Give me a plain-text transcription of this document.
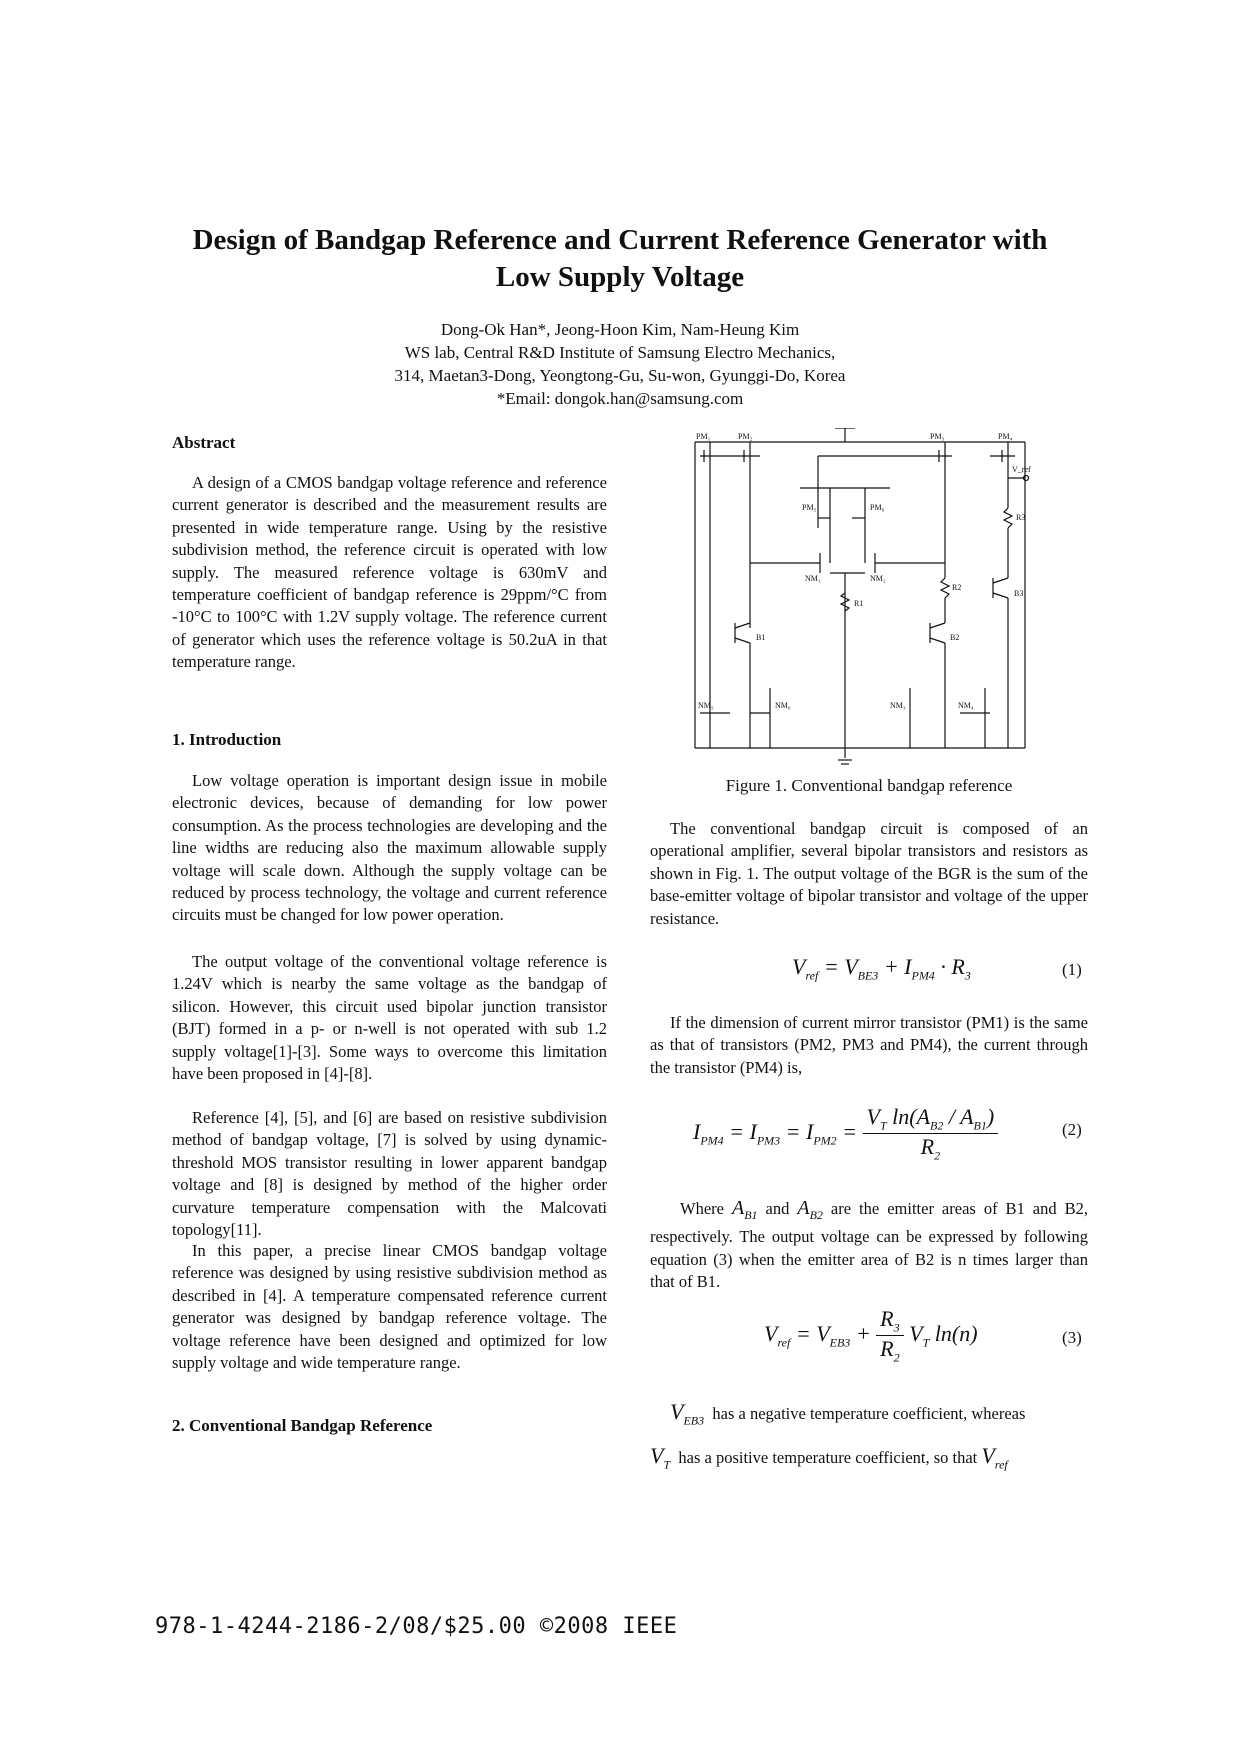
Design of Bandgap Reference and Current Reference Generator with
Low Supply Voltage
Dong-Ok Han*, Jeong-Hoon Kim, Nam-Heung Kim
WS lab, Central R&D Institute of Samsung Electro Mechanics,
314, Maetan3-Dong, Yeongtong-Gu, Su-won, Gyunggi-Do, Korea
*Email: dongok.han@samsung.com
Abstract

A design of a CMOS bandgap voltage reference and reference current generator is described and the measurement results are presented in wide temperature range. Using by the resistive subdivision method, the reference circuit is operated with low supply. The measured reference voltage is 630mV and temperature coefficient of bandgap reference is 29ppm/°C from -10°C to 100°C with 1.2V supply voltage. The reference current of generator which uses the reference voltage is 50.2uA in that temperature range.

1. Introduction

Low voltage operation is important design issue in mobile electronic devices, because of demanding for low power consumption. As the process technologies are developing and the line widths are reducing also the maximum allowable supply voltage will scale down. Although the supply voltage can be reduced by process technology, the voltage and current reference circuits must be changed for low power operation.

The output voltage of the conventional voltage reference is 1.24V which is nearby the same voltage as the bandgap of silicon. However, this circuit used bipolar junction transistor (BJT) formed in a p- or n-well is not operated with sub 1.2 supply voltage[1]-[3]. Some ways to overcome this limitation have been proposed in [4]-[8].

Reference [4], [5], and [6] are based on resistive subdivision method of bandgap voltage, [7] is solved by using dynamic-threshold MOS transistor resulting in lower apparent bandgap voltage and [8] is designed by method of the higher order curvature temperature compensation with the Malcovati topology[11].

In this paper, a precise linear CMOS bandgap voltage reference was designed by using resistive subdivision method as described in [4]. A temperature compensated reference current generator was designed by bandgap reference voltage. The voltage reference have been designed and optimized for low supply voltage and wide temperature range.

2. Conventional Bandgap Reference
PM₁	PM₂	PM₃	PM₄
PM₅	PM₆
NM₁	NM₂
NM₃	NM₄
NM₅	NM₆
R1
R2
R3
B1	B2
B3
V_ref
Figure 1. Conventional bandgap reference

The conventional bandgap circuit is composed of an operational amplifier, several bipolar transistors and resistors as shown in Fig. 1. The output voltage of the BGR is the sum of the base-emitter voltage of bipolar transistor and voltage of the upper resistance.

$V_{ref} = V_{BE3} + I_{PM4} \cdot R_3$	(1)

If the dimension of current mirror transistor (PM1) is the same as that of transistors (PM2, PM3 and PM4), the current through the transistor (PM4) is,

$I_{PM4} = I_{PM3} = I_{PM2} = \frac{V_T \ln(A_{B2} / A_{B1})}{R_2}$	(2)
Where $A_{B1}$ and $A_{B2}$ are the emitter areas of B1 and B2, respectively. The output voltage can be expressed by following equation (3) when the emitter area of B2 is n times larger than that of B1.
$V_{ref} = V_{EB3} + \frac{R_3}{R_2} V_T$ ln(n)	(3)
$V_{EB3}$ has a negative temperature coefficient, whereas
$V_T$ has a positive temperature coefficient, so that $V_{ref}$
978-1-4244-2186-2/08/$25.00 ©2008 IEEE
